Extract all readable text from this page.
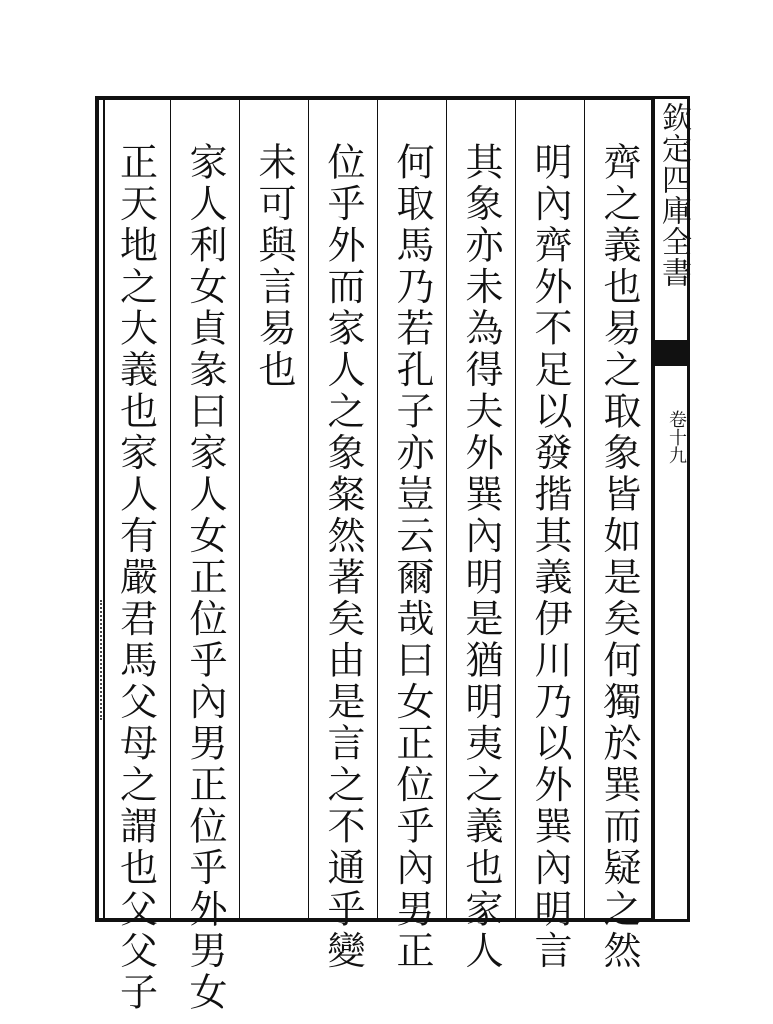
欽定四庫全書
卷十九
齊之義也易之取象皆如是矣何獨於巽而疑之然
明內齊外不足以發揩其義伊川乃以外巽內明言
其象亦未為得夫外巽內明是猶明夷之義也家人
何取馬乃若孔子亦豈云爾哉曰女正位乎內男正
位乎外而家人之象粲然著矣由是言之不通乎變
未可與言易也
家人利女貞彖曰家人女正位乎內男正位乎外男女
正天地之大義也家人有嚴君馬父母之謂也父父子
